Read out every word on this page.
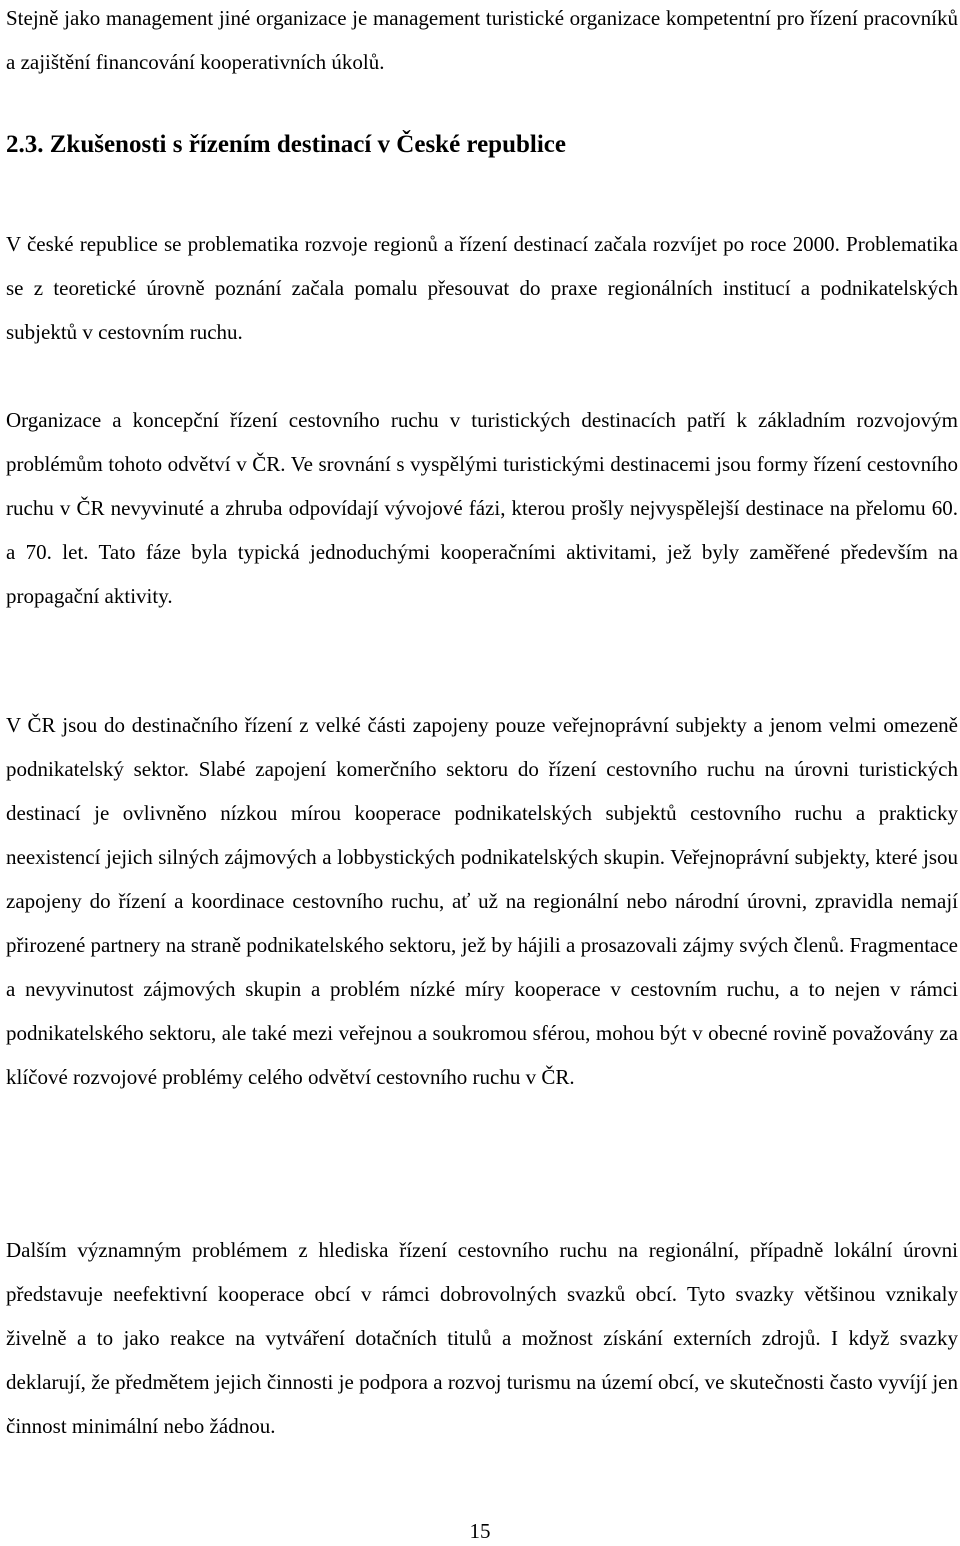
Stejně jako management jiné organizace je management turistické organizace kompetentní pro řízení pracovníků a zajištění financování kooperativních úkolů.

2.3. Zkušenosti s řízením destinací v České republice

V české republice se problematika rozvoje regionů a řízení destinací začala rozvíjet po roce 2000. Problematika se z teoretické úrovně poznání začala pomalu přesouvat do praxe regionálních institucí a podnikatelských subjektů v cestovním ruchu.

Organizace a koncepční řízení cestovního ruchu v turistických destinacích patří k základním rozvojovým problémům tohoto odvětví v ČR. Ve srovnání s vyspělými turistickými destinacemi jsou formy řízení cestovního ruchu v ČR nevyvinuté a zhruba odpovídají vývojové fázi, kterou prošly nejvyspělejší destinace na přelomu 60. a 70. let. Tato fáze byla typická jednoduchými kooperačními aktivitami, jež byly zaměřené především na propagační aktivity.

V ČR jsou do destinačního řízení z velké části zapojeny pouze veřejnoprávní subjekty a jenom velmi omezeně podnikatelský sektor. Slabé zapojení komerčního sektoru do řízení cestovního ruchu na úrovni turistických destinací je ovlivněno nízkou mírou kooperace podnikatelských subjektů cestovního ruchu a prakticky neexistencí jejich silných zájmových a lobbystických podnikatelských skupin. Veřejnoprávní subjekty, které jsou zapojeny do řízení a koordinace cestovního ruchu, ať už na regionální nebo národní úrovni, zpravidla nemají přirozené partnery na straně podnikatelského sektoru, jež by hájili a prosazovali zájmy svých členů. Fragmentace a nevyvinutost zájmových skupin a problém nízké míry kooperace v cestovním ruchu, a to nejen v rámci podnikatelského sektoru, ale také mezi veřejnou a soukromou sférou, mohou být v obecné rovině považovány za klíčové rozvojové problémy celého odvětví cestovního ruchu v ČR.

Dalším významným problémem z hlediska řízení cestovního ruchu na regionální, případně lokální úrovni představuje neefektivní kooperace obcí v rámci dobrovolných svazků obcí. Tyto svazky většinou vznikaly živelně a to jako reakce na vytváření dotačních titulů a možnost získání externích zdrojů. I když svazky deklarují, že předmětem jejich činnosti je podpora a rozvoj turismu na území obcí, ve skutečnosti často vyvíjí jen činnost minimální nebo žádnou.

15
